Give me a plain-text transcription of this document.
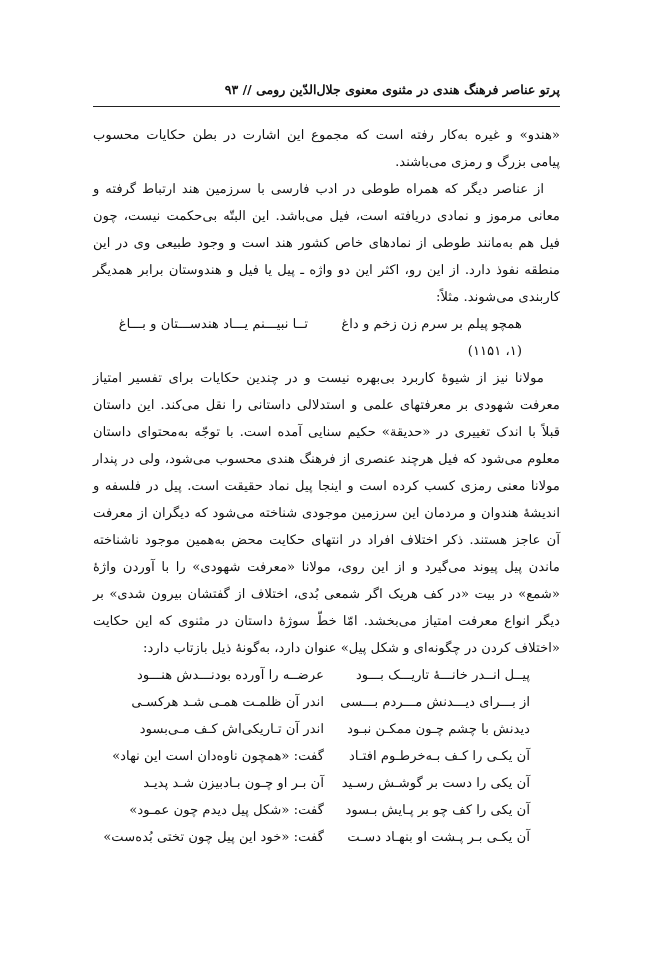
پرتو عناصر فرهنگ هندی در مثنوی معنوی جلال‌الدّین رومی // ۹۳

«هندو» و غیره به‌کار رفته است که مجموع این اشارت در بطن حکایات محسوب پیامی بزرگ و رمزی می‌باشند.

از عناصر دیگر که همراه طوطی در ادب فارسی با سرزمین هند ارتباط گرفته و معانی مرموز و نمادی دریافته است، فیل می‌باشد. این البتّه بی‌حکمت نیست، چون فیل هم به‌مانند طوطی از نمادهای خاص کشور هند است و وجود طبیعی وی در این منطقه نفوذ دارد. از این رو، اکثر این دو واژه ـ پیل یا فیل و هندوستان برابر همدیگر کاربندی می‌شوند. مثلاً:

همچو پیلم بر سرم زن زخم و داغ
تــا نبیـــنم یـــاد هندســـتان و بـــاغ

(۱، ۱۱۵۱)

مولانا نیز از شیوهٔ کاربرد بی‌بهره نیست و در چندین حکایات برای تفسیر امتیاز معرفت شهودی بر معرفتهای علمی و استدلالی داستانی را نقل می‌کند. این داستان قبلاً با اندک تغییری در «حدیقة» حکیم سنایی آمده است. با توجّه به‌محتوای داستان معلوم می‌شود که فیل هرچند عنصری از فرهنگ هندی محسوب می‌شود، ولی در پندار مولانا معنی رمزی کسب کرده است و اینجا پیل نماد حقیقت است. پیل در فلسفه و اندیشهٔ هندوان و مردمان این سرزمین موجودی شناخته می‌شود که دیگران از معرفت آن عاجز هستند. ذکر اختلاف افراد در انتهای حکایت محض به‌همین موجود ناشناخته ماندن پیل پیوند می‌گیرد و از این روی، مولانا «معرفت شهودی» را با آوردن واژهٔ «شمع» در بیت «در کف هریک اگر شمعی بُدی، اختلاف از گفتشان بیرون شدی» بر دیگر انواع معرفت امتیاز می‌بخشد. امّا خطّ سوژهٔ داستان در مثنوی که این حکایت «اختلاف کردن در چگونه‌ای و شکل پیل» عنوان دارد، به‌گونهٔ ذیل بازتاب دارد:

پیــل انــدر خانـــهٔ تاریـــک بـــود
عرضــه را آورده بودنـــدش هنـــود
از بـــرای دیـــدنش مـــردم بـــسی
اندر آن ظلمـت همـی شـد هرکسـی
دیدنش با چشم چـون ممکـن نبـود
اندر آن تـاریکی‌اش کـف مـی‌بسود
آن یکـی را کـف بـه‌خرطـوم افتـاد
گفت: «همچون ناوه‌دان است این نهاد»
آن یکی را دست بر گوشـش رسـید
آن بـر او چـون بـادبیزن شـد پدیـد
آن یکی را کف چو بر پـایش بـسود
گفت: «شکل پیل دیدم چون عمـود»
آن یکـی بـر پـشت او بنهـاد دسـت
گفت: «خود این پیل چون تختی بُده‌ست»
